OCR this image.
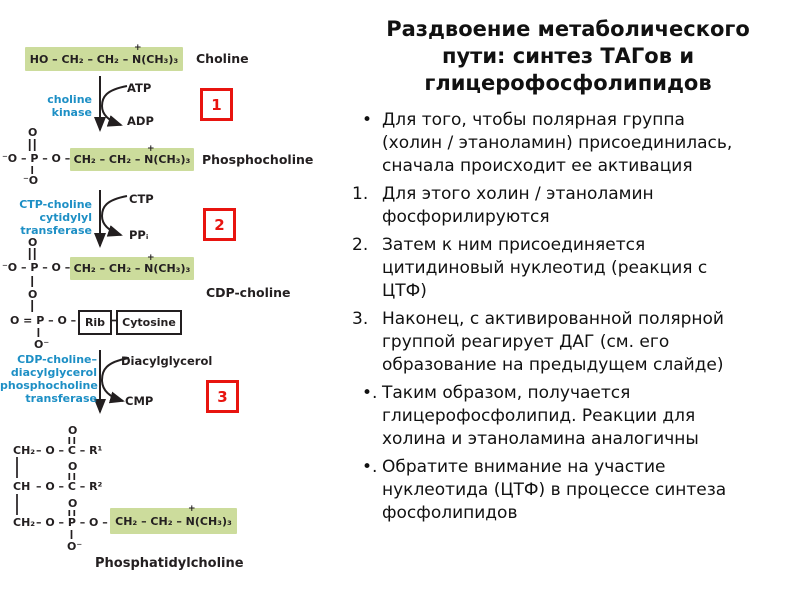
HO – CH₂ – CH₂ – N(CH₃)₃
+
Choline
ATP
ADP
choline
kinase	1
O
⁻O – P – O – CH₂ – CH₂ – N(CH₃)₃
+
⁻O
Phosphocholine
CTP
PPᵢ
CTP-choline
cytidylyl
transferase	2
O
⁻O – P – O – CH₂ – CH₂ – N(CH₃)₃
+
CDP-choline
O
O = P – O – Rib Cytosine
O⁻
Diacylglycerol
CMP
CDP-choline–
diacylglycerol
phosphocholine
transferase	3
O
CH₂ – O – C – R¹
O
CH – O – C – R²
O
CH₂ – O – P – O – CH₂ – CH₂ – N(CH₃)₃
+
O⁻
Phosphatidylcholine
Раздвоение метаболического
пути: синтез ТАГов и
глицерофосфолипидов
• Для того, чтобы полярная группа (холин / этаноламин) присоединилась, сначала происходит ее активация
1. Для этого холин / этаноламин фосфорилируются
2. Затем к ним присоединяется цитидиновый нуклеотид (реакция с ЦТФ)
3. Наконец, с активированной полярной группой реагирует ДАГ (см. его образование на предыдущем слайде)
•. Таким образом, получается глицерофосфолипид. Реакции для холина и этаноламина аналогичны
•. Обратите внимание на участие нуклеотида (ЦТФ) в процессе синтеза фосфолипидов
